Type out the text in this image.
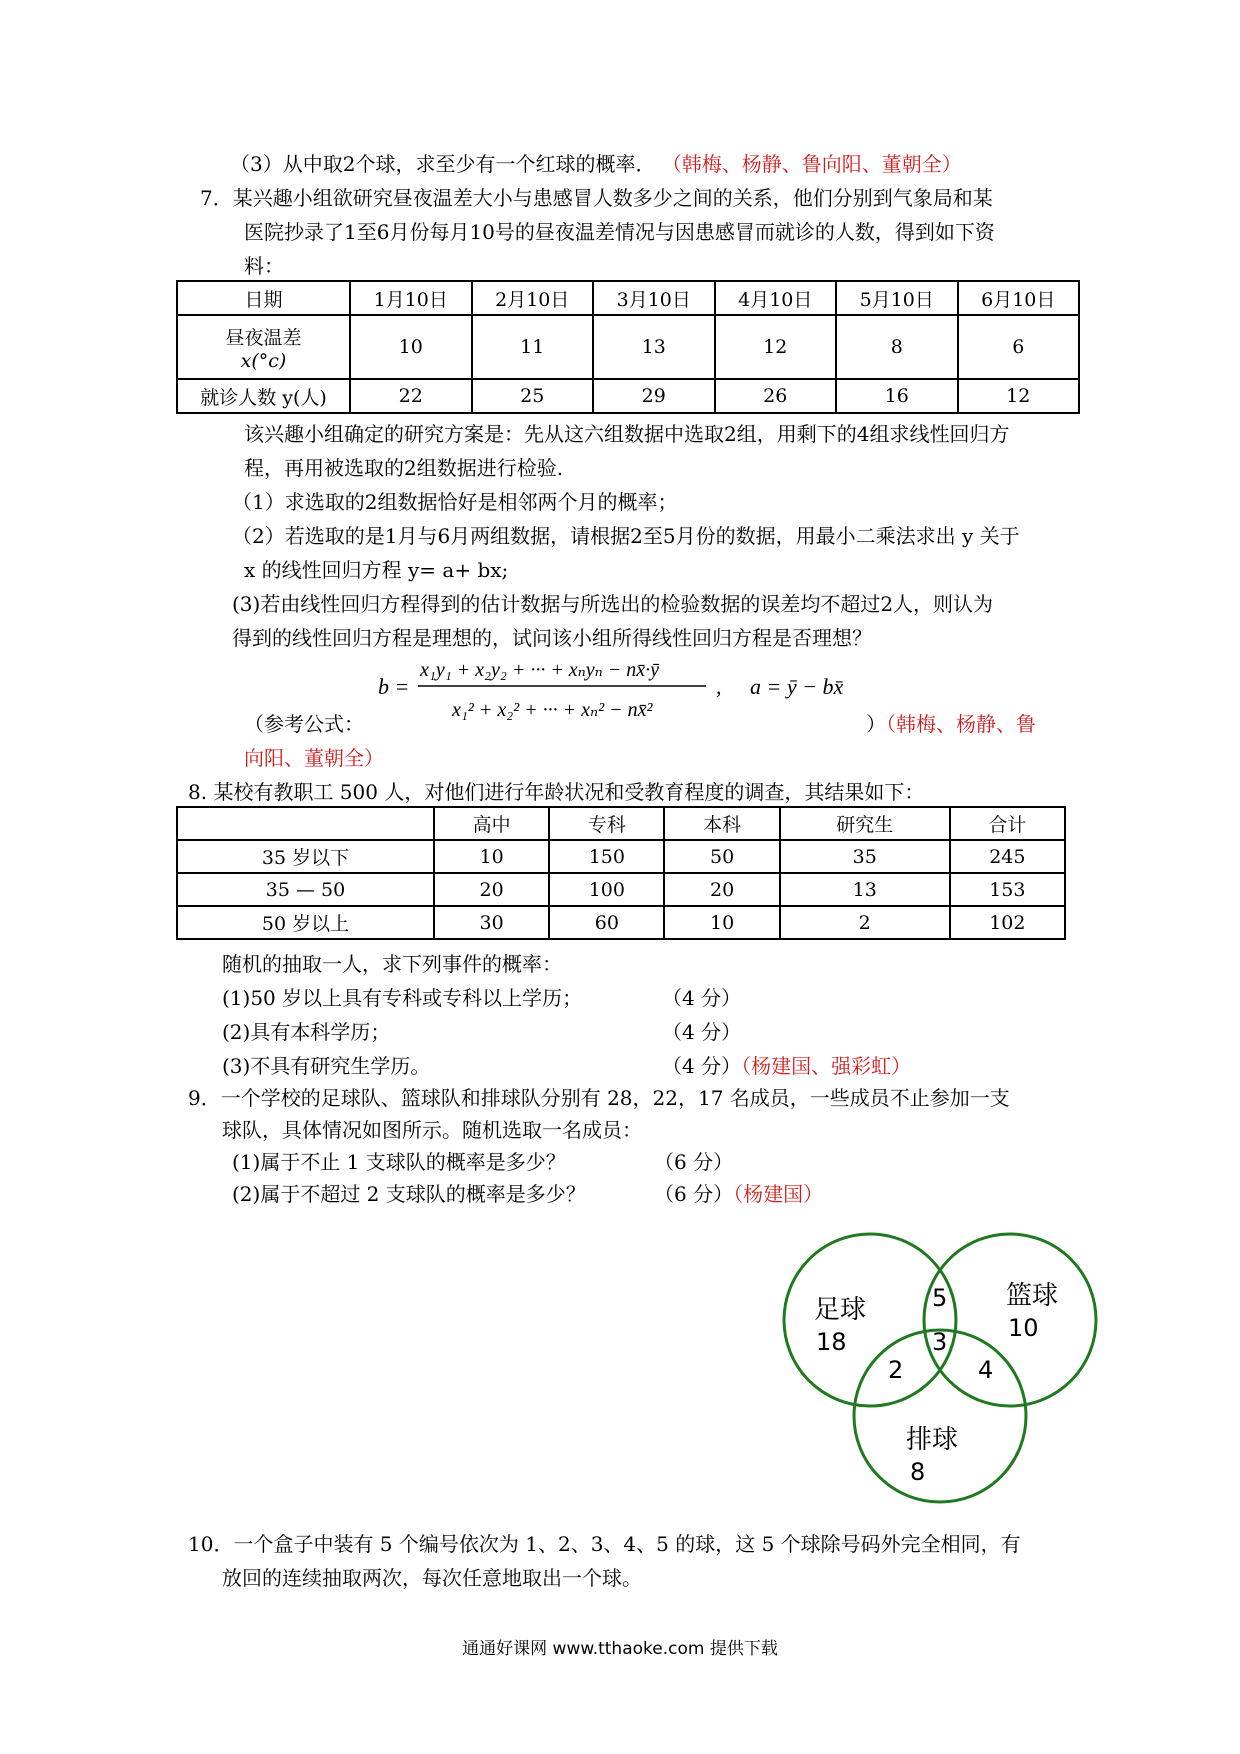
（3）从中取2个球，求至少有一个红球的概率． （韩梅、杨静、鲁向阳、董朝全）
7．某兴趣小组欲研究昼夜温差大小与患感冒人数多少之间的关系，他们分别到气象局和某
医院抄录了1至6月份每月10号的昼夜温差情况与因患感冒而就诊的人数，得到如下资
料：
日期	1月10日	2月10日	3月10日	4月10日	5月10日	6月10日

昼夜温差
x(°c)	10	11	13	12	8	6
就诊人数 y(人)	22	25	29	26	16	12
该兴趣小组确定的研究方案是：先从这六组数据中选取2组，用剩下的4组求线性回归方
程，再用被选取的2组数据进行检验.
（1）求选取的2组数据恰好是相邻两个月的概率；
（2）若选取的是1月与6月两组数据，请根据2至5月份的数据，用最小二乘法求出 y 关于
x 的线性回归方程 y= a+ bx;
(3)若由线性回归方程得到的估计数据与所选出的检验数据的误差均不超过2人，则认为
得到的线性回归方程是理想的，试问该小组所得线性回归方程是否理想？
b =
x₁y₁ + x₂y₂ + ··· + xₙyₙ − nx̄·ȳ
x₁² + x₂² + ··· + xₙ² − nx̄²
, a = ȳ − bx̄
（参考公式：	）（韩梅、杨静、鲁
向阳、董朝全）
8. 某校有教职工 500 人，对他们进行年龄状况和受教育程度的调查，其结果如下：
	高中	专科	本科	研究生	合计
35 岁以下	10	150	50	35	245
35 — 50	20	100	20	13	153
50 岁以上	30	60	10	2	102
随机的抽取一人，求下列事件的概率：
(1)50 岁以上具有专科或专科以上学历；	（4 分）
(2)具有本科学历；	（4 分）
(3)不具有研究生学历。	（4 分）（杨建国、强彩虹）
9．一个学校的足球队、篮球队和排球队分别有 28，22，17 名成员，一些成员不止参加一支
球队，具体情况如图所示。随机选取一名成员：
(1)属于不止 1 支球队的概率是多少？	（6 分）
(2)属于不超过 2 支球队的概率是多少？	（6 分）（杨建国）
足球
18
篮球
10
排球
8
5
3
2	4
10．一个盒子中装有 5 个编号依次为 1、2、3、4、5 的球，这 5 个球除号码外完全相同，有
放回的连续抽取两次，每次任意地取出一个球。
通通好课网 www.tthaoke.com 提供下载
